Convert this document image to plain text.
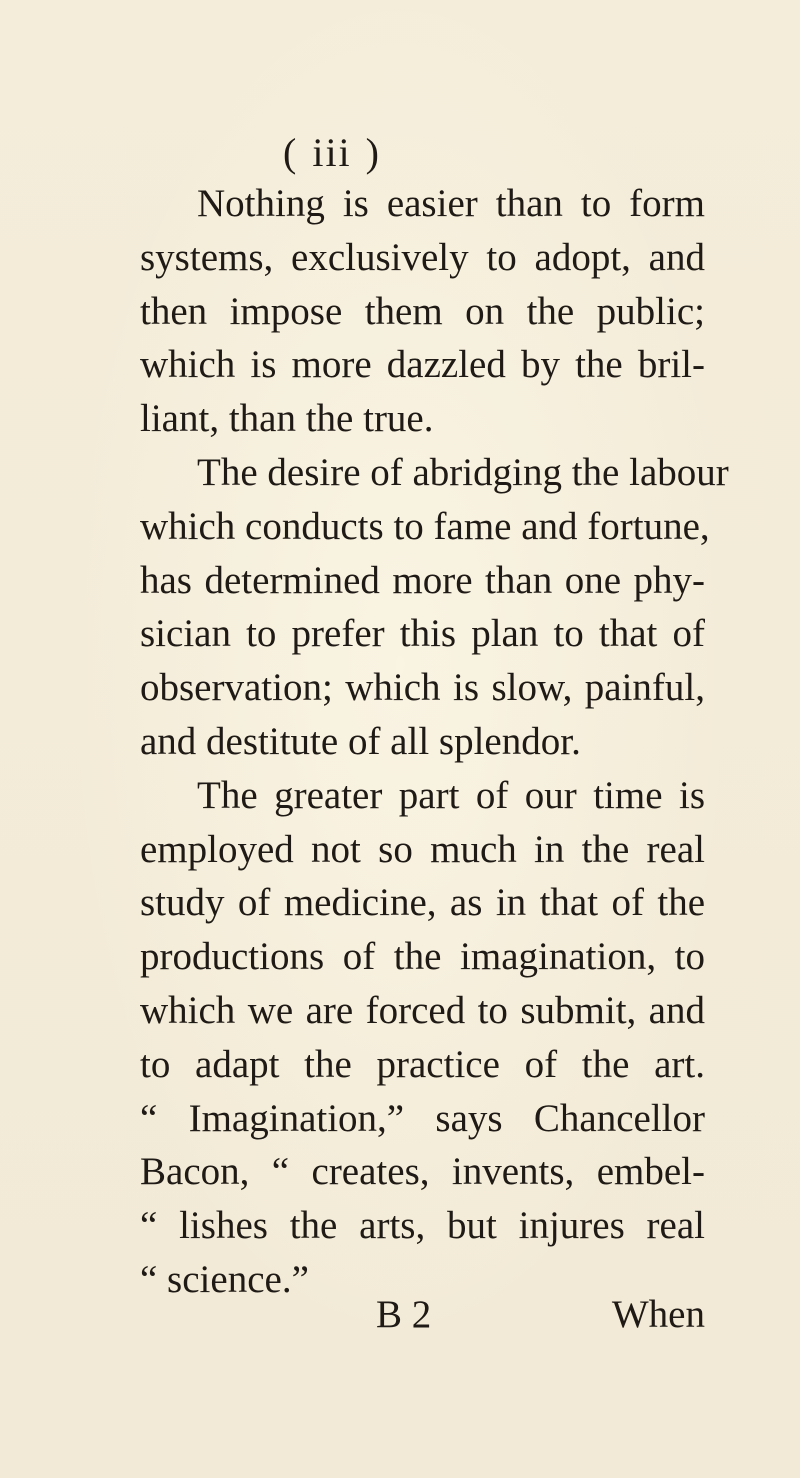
( iii )
Nothing is easier than to form
systems, exclusively to adopt, and
then impose them on the public;
which is more dazzled by the bril-
liant, than the true.
The desire of abridging the labour
which conducts to fame and fortune,
has determined more than one phy-
sician to prefer this plan to that of
observation; which is slow, painful,
and destitute of all splendor.
The greater part of our time is
employed not so much in the real
study of medicine, as in that of the
productions of the imagination, to
which we are forced to submit, and
to adapt the practice of the art.
“ Imagination,” says Chancellor
Bacon, “ creates, invents, embel-
“ lishes the arts, but injures real
“ science.”
B 2	When
